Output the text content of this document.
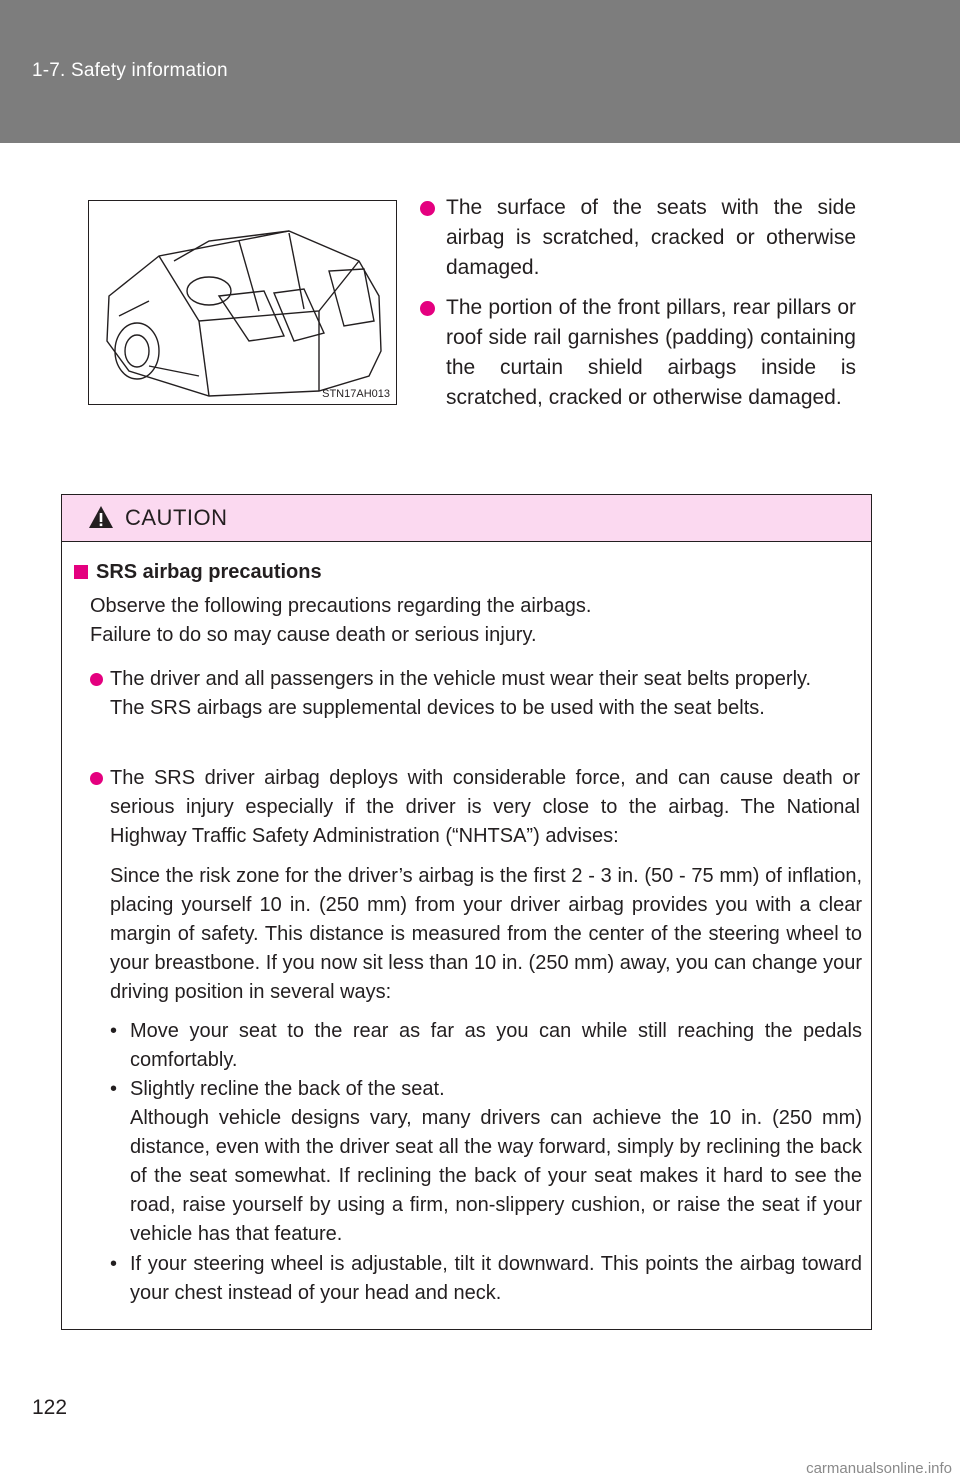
1-7. Safety information
STN17AH013
The surface of the seats with the side airbag is scratched, cracked or otherwise damaged.
The portion of the front pillars, rear pillars or roof side rail garnishes (padding) containing the curtain shield airbags inside is scratched, cracked or otherwise damaged.
CAUTION
SRS airbag precautions
Observe the following precautions regarding the airbags.
Failure to do so may cause death or serious injury.
The driver and all passengers in the vehicle must wear their seat belts properly.
The SRS airbags are supplemental devices to be used with the seat belts.
The SRS driver airbag deploys with considerable force, and can cause death or serious injury especially if the driver is very close to the airbag. The National Highway Traffic Safety Administration (“NHTSA”) advises:
Since the risk zone for the driver’s airbag is the first 2 - 3 in. (50 - 75 mm) of inflation, placing yourself 10 in. (250 mm) from your driver airbag provides you with a clear margin of safety. This distance is measured from the center of the steering wheel to your breastbone. If you now sit less than 10 in. (250 mm) away, you can change your driving position in several ways:
• Move your seat to the rear as far as you can while still reaching the pedals comfortably.
• Slightly recline the back of the seat.
Although vehicle designs vary, many drivers can achieve the 10 in. (250 mm) distance, even with the driver seat all the way forward, simply by reclining the back of the seat somewhat. If reclining the back of your seat makes it hard to see the road, raise yourself by using a firm, non-slippery cushion, or raise the seat if your vehicle has that feature.
• If your steering wheel is adjustable, tilt it downward. This points the airbag toward your chest instead of your head and neck.
122
carmanualsonline.info
